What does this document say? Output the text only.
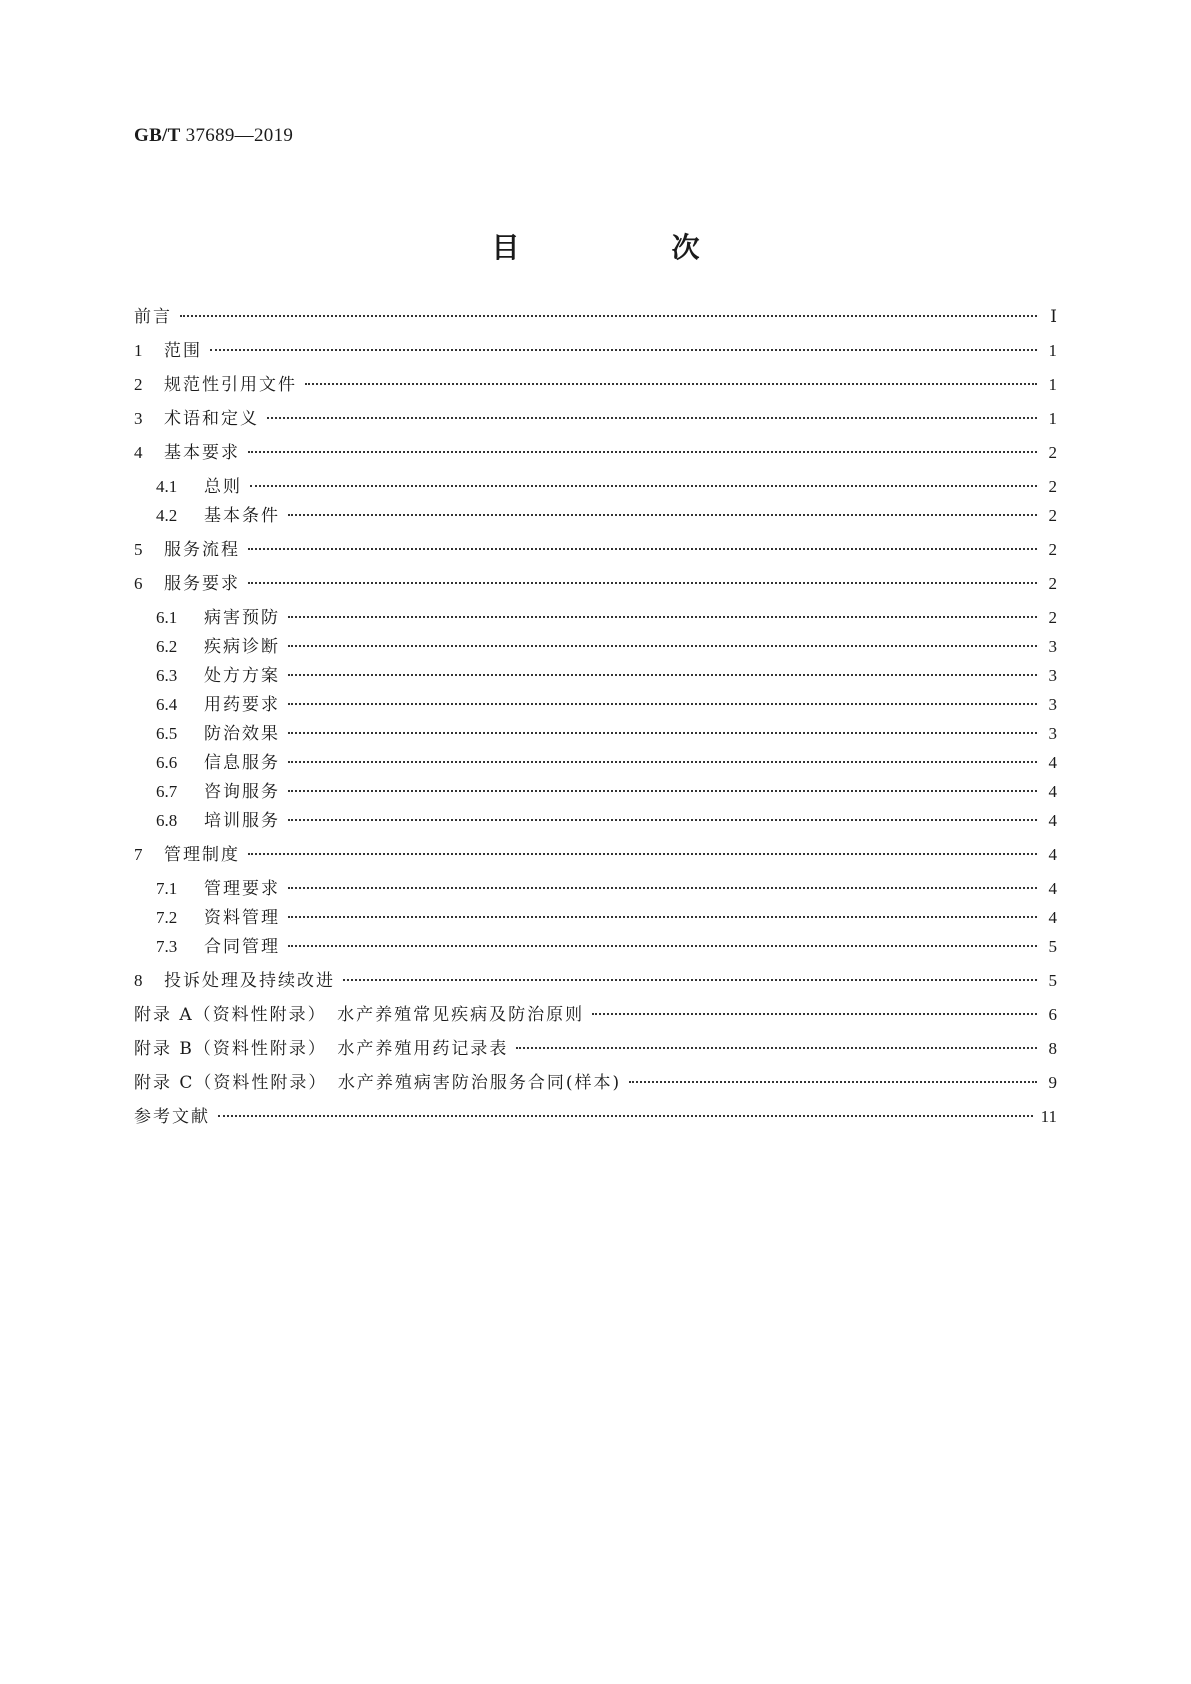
GB/T 37689—2019
目　次
前言	Ⅰ
1	范围	1
2	规范性引用文件	1
3	术语和定义	1
4	基本要求	2
4.1	总则	2
4.2	基本条件	2
5	服务流程	2
6	服务要求	2
6.1	病害预防	2
6.2	疾病诊断	3
6.3	处方方案	3
6.4	用药要求	3
6.5	防治效果	3
6.6	信息服务	4
6.7	咨询服务	4
6.8	培训服务	4
7	管理制度	4
7.1	管理要求	4
7.2	资料管理	4
7.3	合同管理	5
8	投诉处理及持续改进	5
附录 A（资料性附录）　水产养殖常见疾病及防治原则	6
附录 B（资料性附录）　水产养殖用药记录表	8
附录 C（资料性附录）　水产养殖病害防治服务合同(样本)	9
参考文献	11
